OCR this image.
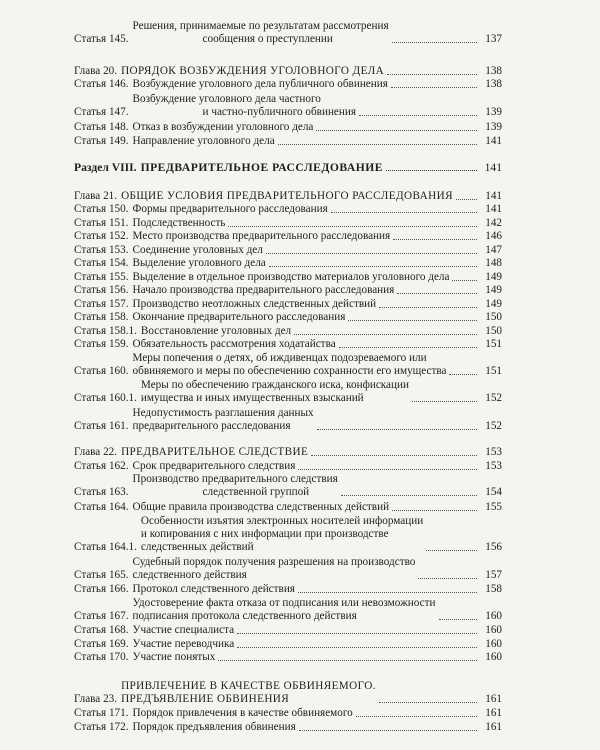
Статья 145.
Решения, принимаемые по результатам рассмотрения
сообщения о преступлении	137
Глава 20. ПОРЯДОК ВОЗБУЖДЕНИЯ УГОЛОВНОГО ДЕЛА	138
Статья 146. Возбуждение уголовного дела публичного обвинения	138
Статья 147.
Возбуждение уголовного дела частного
и частно-публичного обвинения	139
Статья 148. Отказ в возбуждении уголовного дела	139
Статья 149. Направление уголовного дела	141
Раздел VIII. ПРЕДВАРИТЕЛЬНОЕ РАССЛЕДОВАНИЕ	141
Глава 21. ОБЩИЕ УСЛОВИЯ ПРЕДВАРИТЕЛЬНОГО РАССЛЕДОВАНИЯ	141
Статья 150. Формы предварительного расследования	141
Статья 151. Подследственность	142
Статья 152. Место производства предварительного расследования	146
Статья 153. Соединение уголовных дел	147
Статья 154. Выделение уголовного дела	148
Статья 155. Выделение в отдельное производство материалов уголовного дела	149
Статья 156. Начало производства предварительного расследования	149
Статья 157. Производство неотложных следственных действий	149
Статья 158. Окончание предварительного расследования	150
Статья 158.1. Восстановление уголовных дел	150
Статья 159. Обязательность рассмотрения ходатайства	151
Статья 160.
Меры попечения о детях, об иждивенцах подозреваемого или
обвиняемого и меры по обеспечению сохранности его имущества	151
Статья 160.1.
Меры по обеспечению гражданского иска, конфискации
имущества и иных имущественных взысканий	152
Статья 161.
Недопустимость разглашения данных
предварительного расследования	152
Глава 22. ПРЕДВАРИТЕЛЬНОЕ СЛЕДСТВИЕ	153
Статья 162. Срок предварительного следствия	153
Статья 163.
Производство предварительного следствия
следственной группой	154
Статья 164. Общие правила производства следственных действий	155
Статья 164.1.
Особенности изъятия электронных носителей информации
и копирования с них информации при производстве
следственных действий	156
Статья 165.
Судебный порядок получения разрешения на производство
следственного действия	157
Статья 166. Протокол следственного действия	158
Статья 167.
Удостоверение факта отказа от подписания или невозможности
подписания протокола следственного действия	160
Статья 168. Участие специалиста	160
Статья 169. Участие переводчика	160
Статья 170. Участие понятых	160
Глава 23.
ПРИВЛЕЧЕНИЕ В КАЧЕСТВЕ ОБВИНЯЕМОГО.
ПРЕДЪЯВЛЕНИЕ ОБВИНЕНИЯ	161
Статья 171. Порядок привлечения в качестве обвиняемого	161
Статья 172. Порядок предъявления обвинения	161
